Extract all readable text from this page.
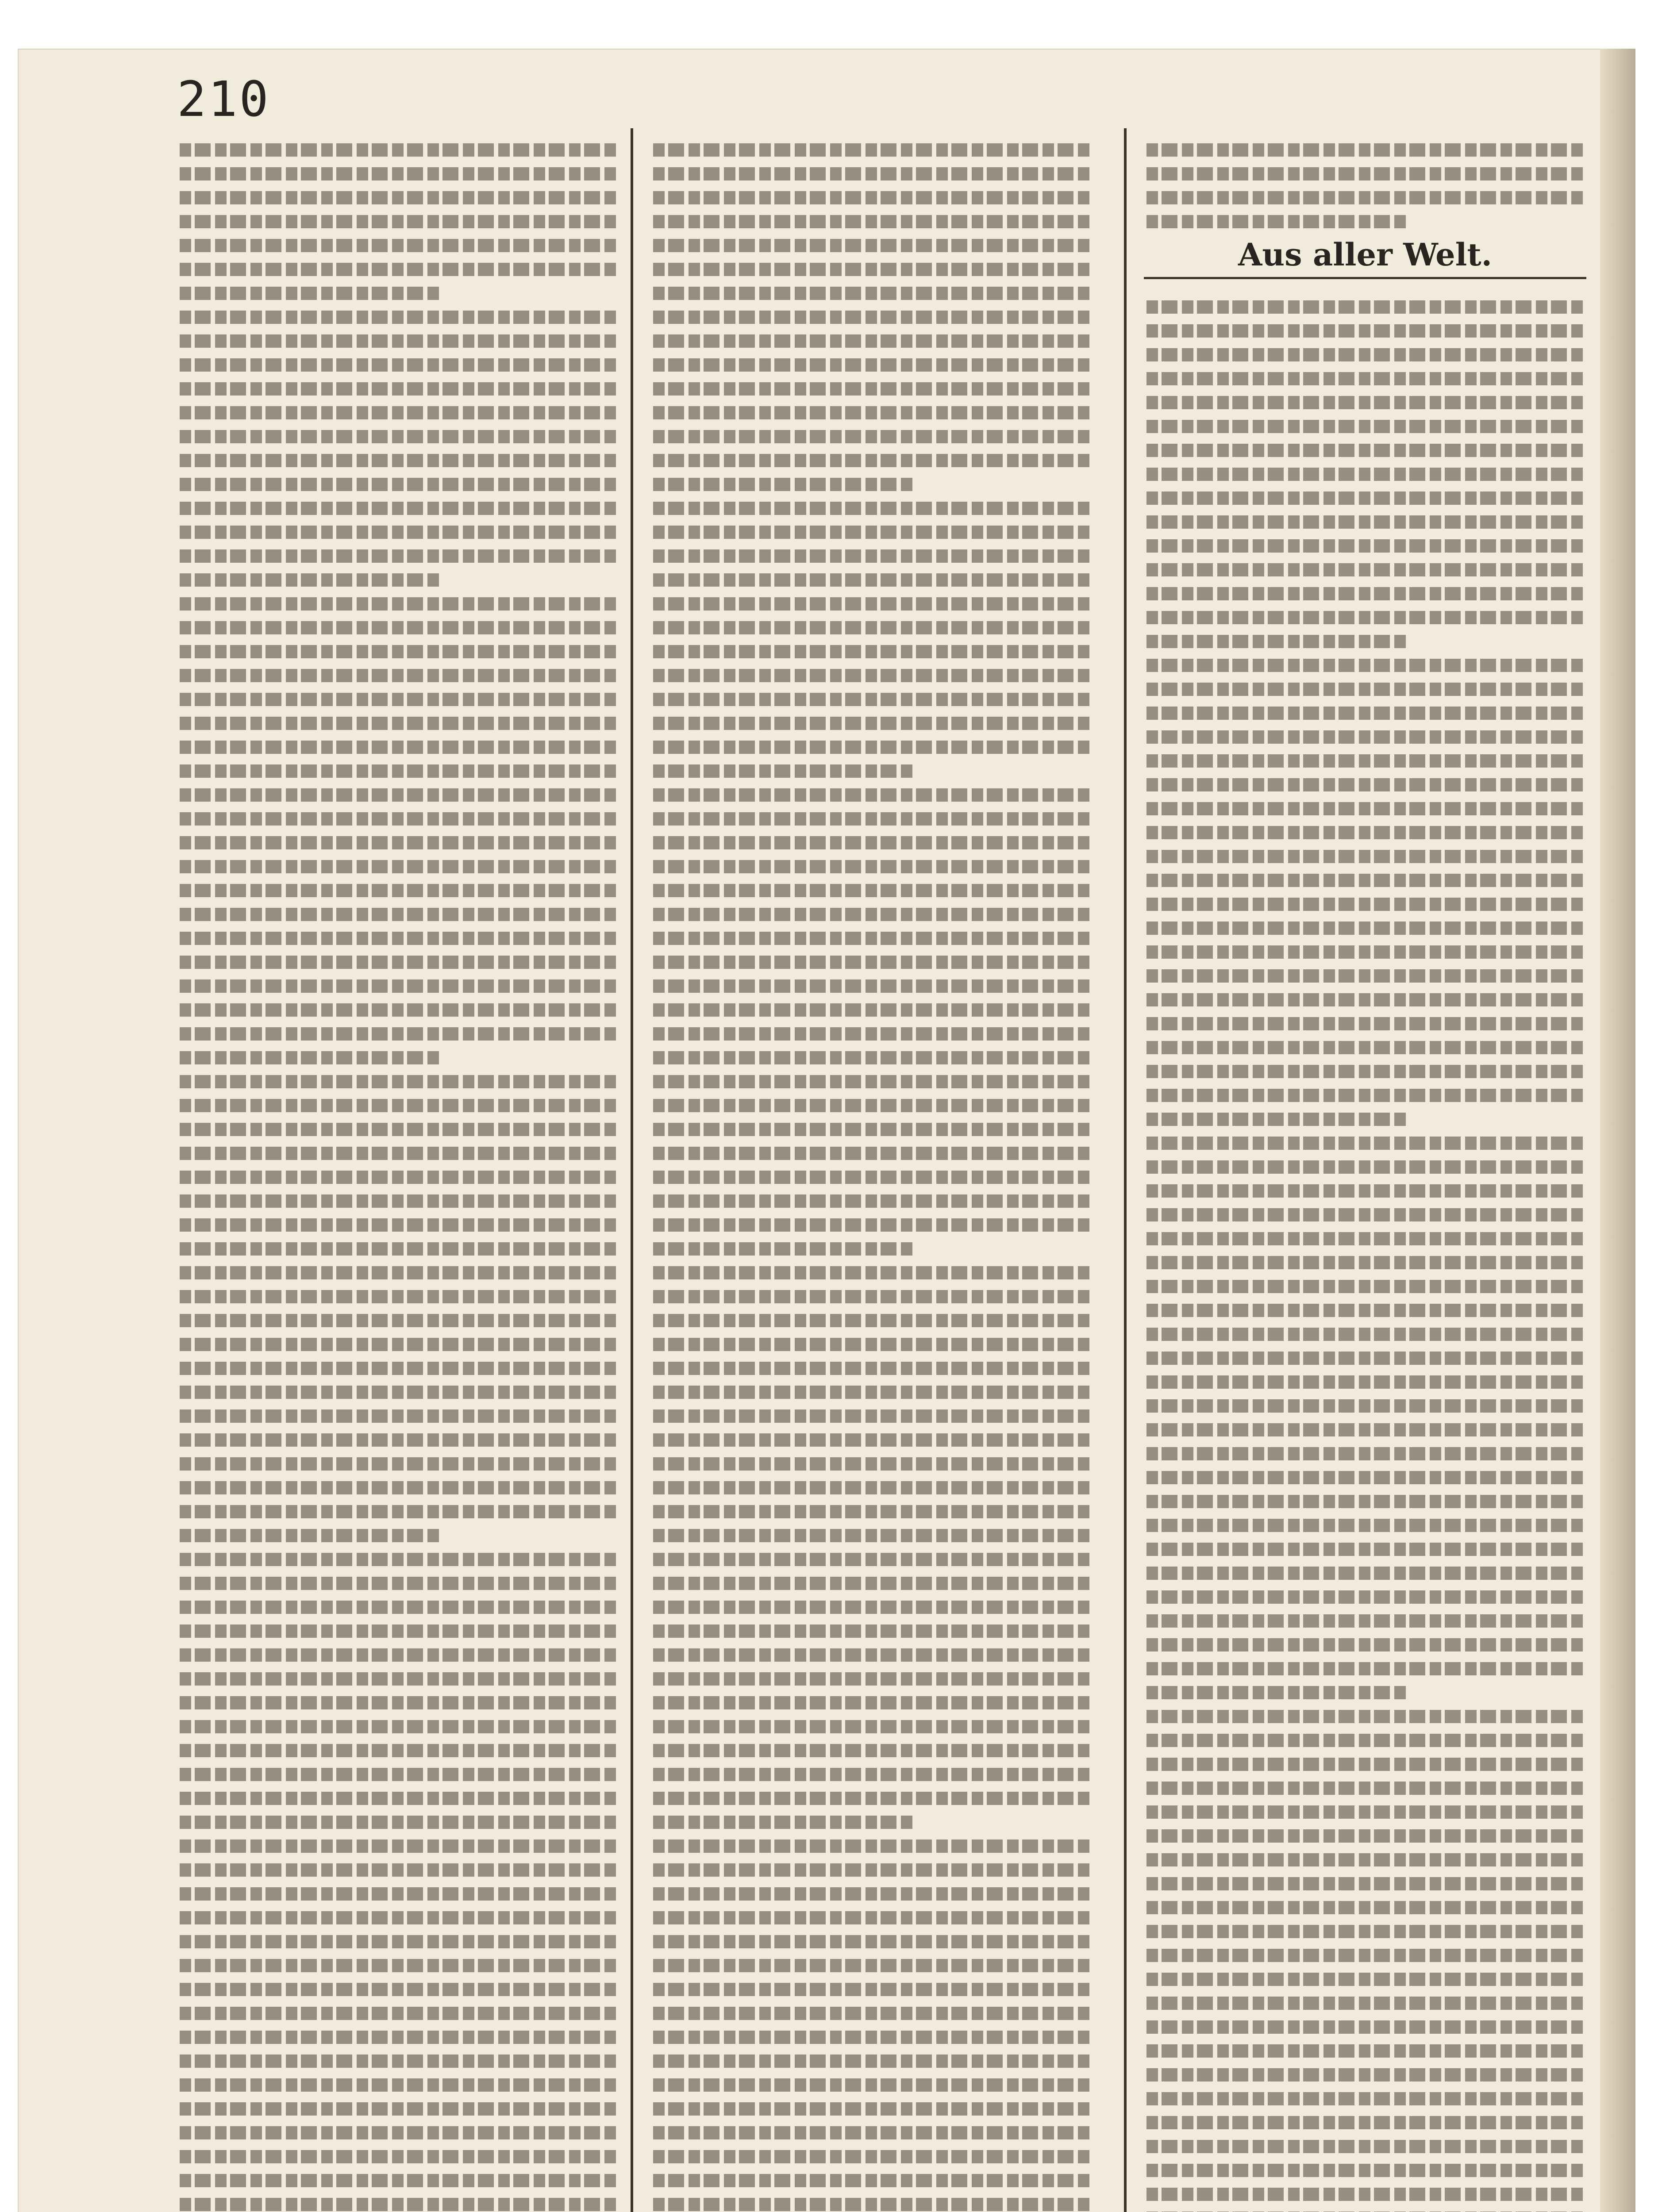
210
Aus aller Welt.
